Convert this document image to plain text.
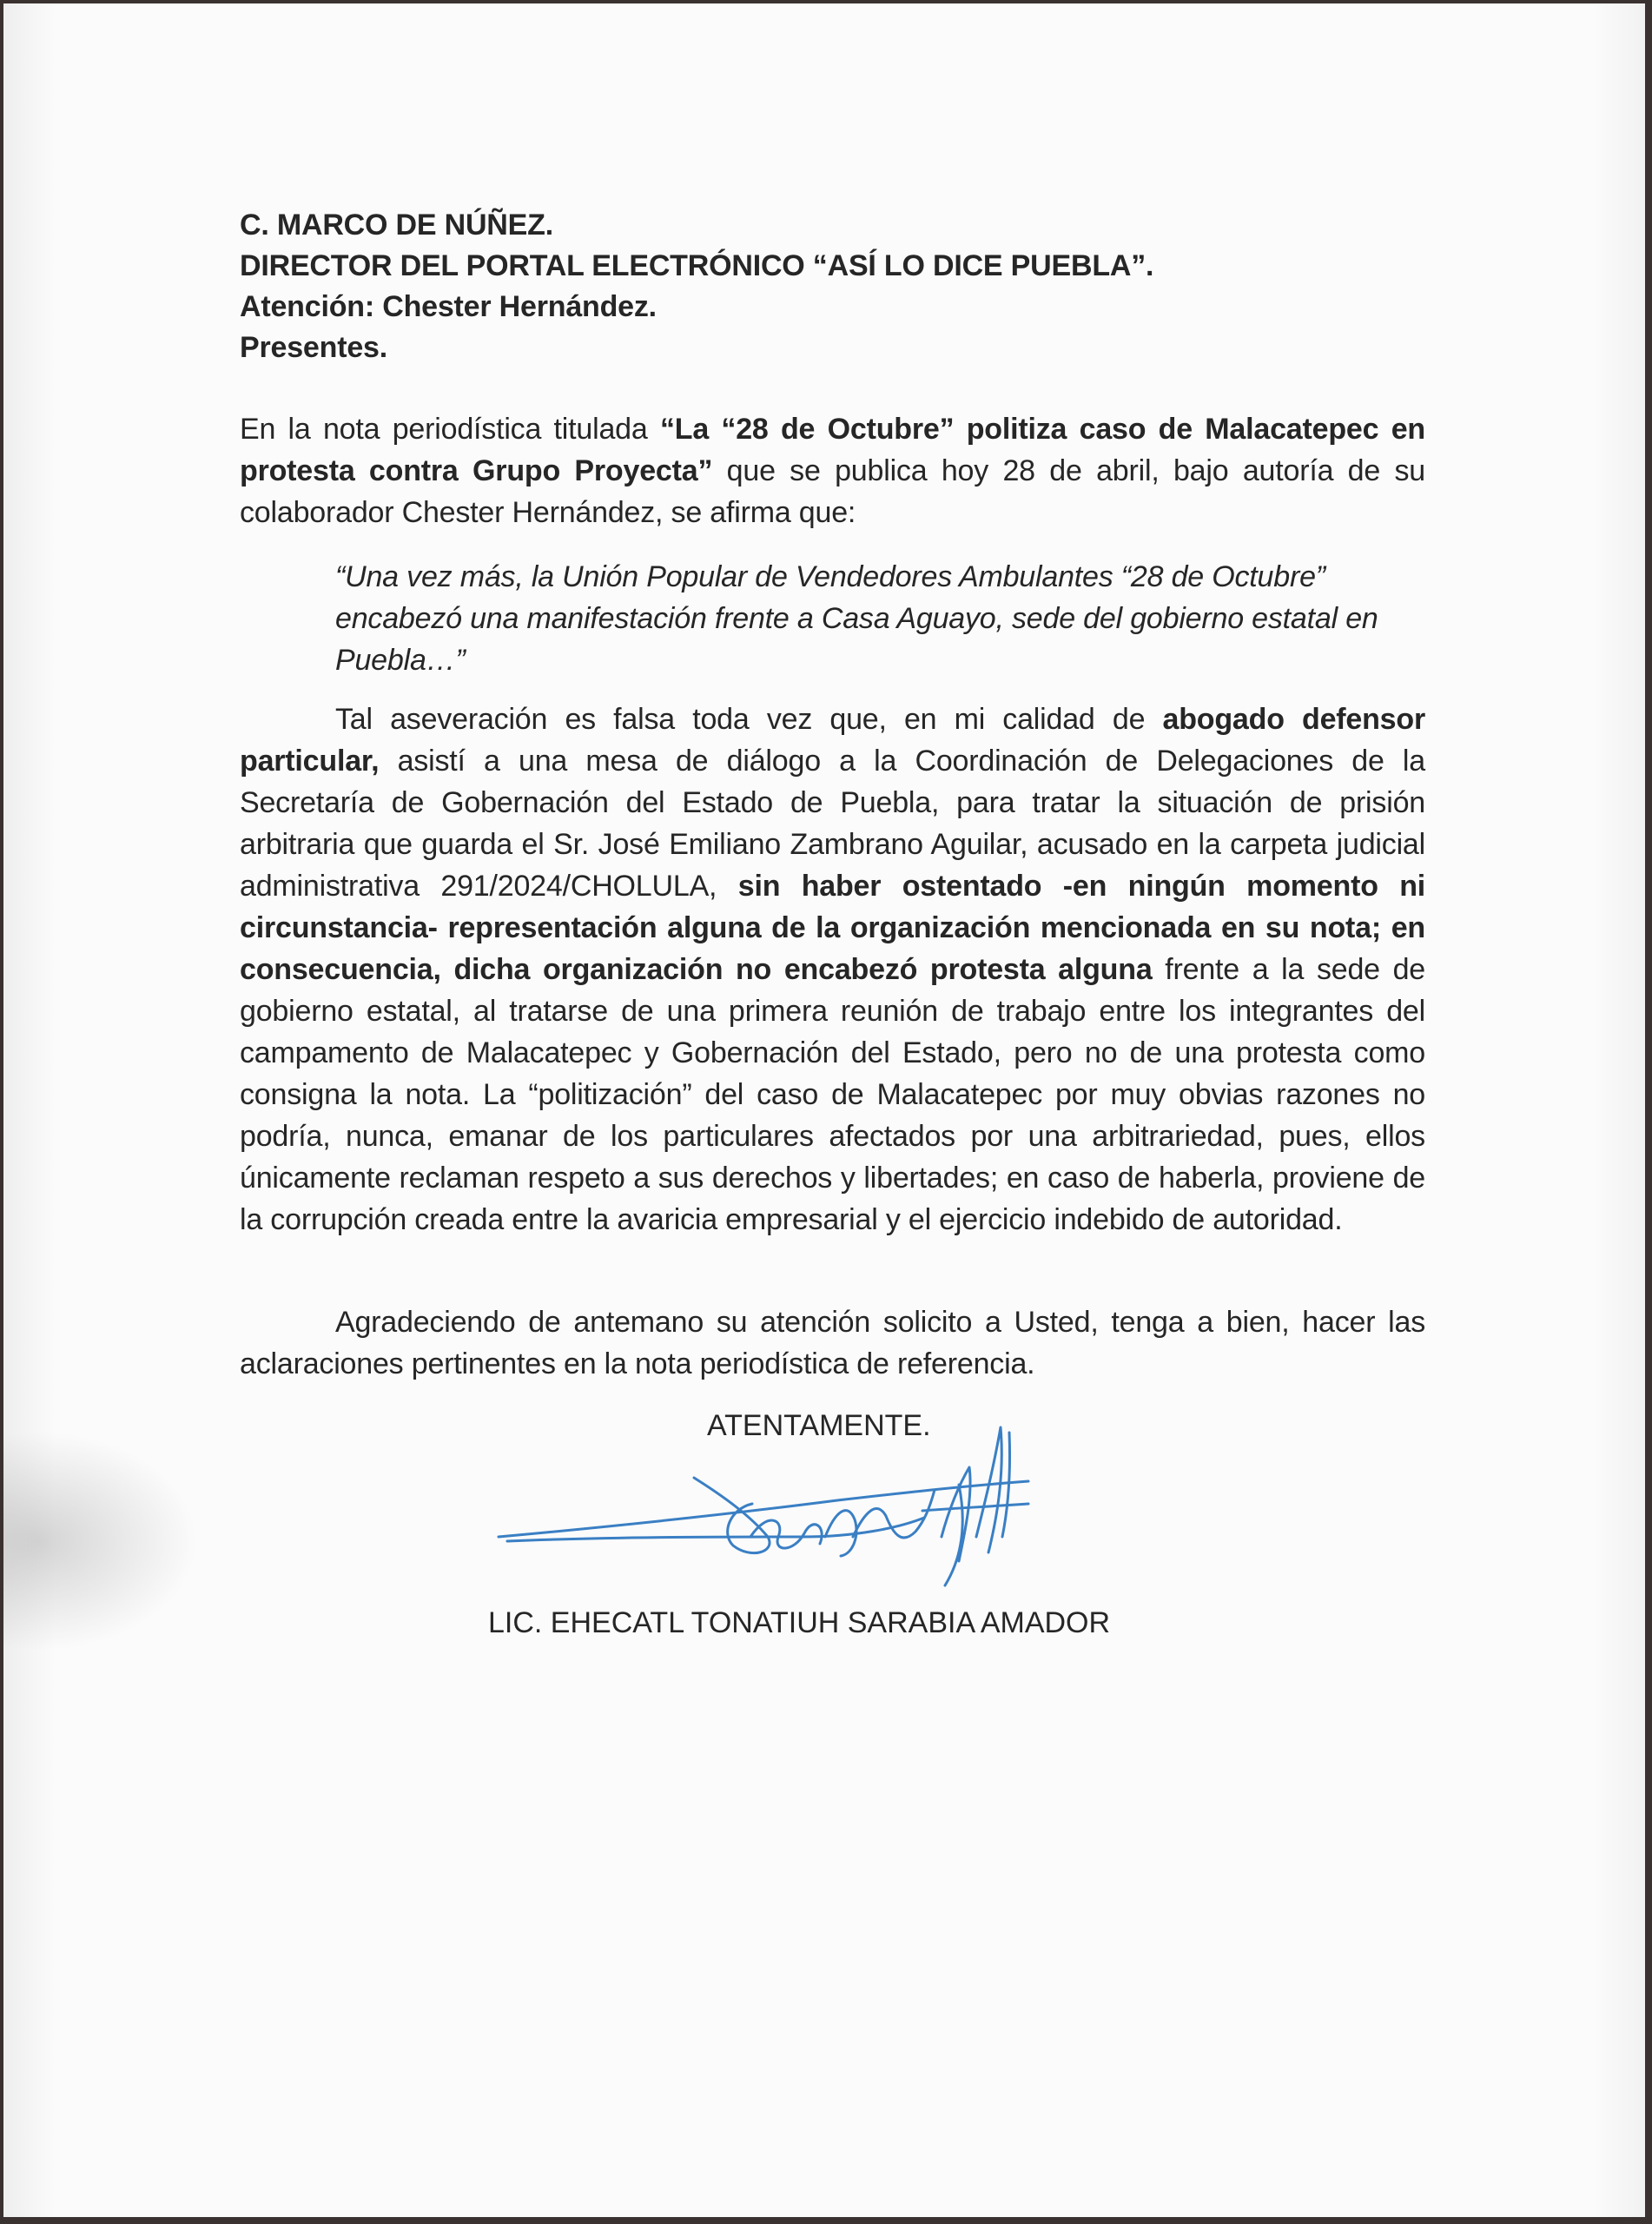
C. MARCO DE NÚÑEZ.
DIRECTOR DEL PORTAL ELECTRÓNICO “ASÍ LO DICE PUEBLA”.
Atención: Chester Hernández.
Presentes.
En la nota periodística titulada “La “28 de Octubre” politiza caso de Malacatepec en protesta contra Grupo Proyecta” que se publica hoy 28 de abril, bajo autoría de su colaborador Chester Hernández, se afirma que:
“Una vez más, la Unión Popular de Vendedores Ambulantes “28 de Octubre” encabezó una manifestación frente a Casa Aguayo, sede del gobierno estatal en Puebla…”
Tal aseveración es falsa toda vez que, en mi calidad de abogado defensor particular, asistí a una mesa de diálogo a la Coordinación de Delegaciones de la Secretaría de Gobernación del Estado de Puebla, para tratar la situación de prisión arbitraria que guarda el Sr. José Emiliano Zambrano Aguilar, acusado en la carpeta judicial administrativa 291/2024/CHOLULA, sin haber ostentado -en ningún momento ni circunstancia- representación alguna de la organización mencionada en su nota; en consecuencia, dicha organización no encabezó protesta alguna frente a la sede de gobierno estatal, al tratarse de una primera reunión de trabajo entre los integrantes del campamento de Malacatepec y Gobernación del Estado, pero no de una protesta como consigna la nota. La “politización” del caso de Malacatepec por muy obvias razones no podría, nunca, emanar de los particulares afectados por una arbitrariedad, pues, ellos únicamente reclaman respeto a sus derechos y libertades; en caso de haberla, proviene de la corrupción creada entre la avaricia empresarial y el ejercicio indebido de autoridad.
Agradeciendo de antemano su atención solicito a Usted, tenga a bien, hacer las aclaraciones pertinentes en la nota periodística de referencia.
ATENTAMENTE.
LIC. EHECATL TONATIUH SARABIA AMADOR
